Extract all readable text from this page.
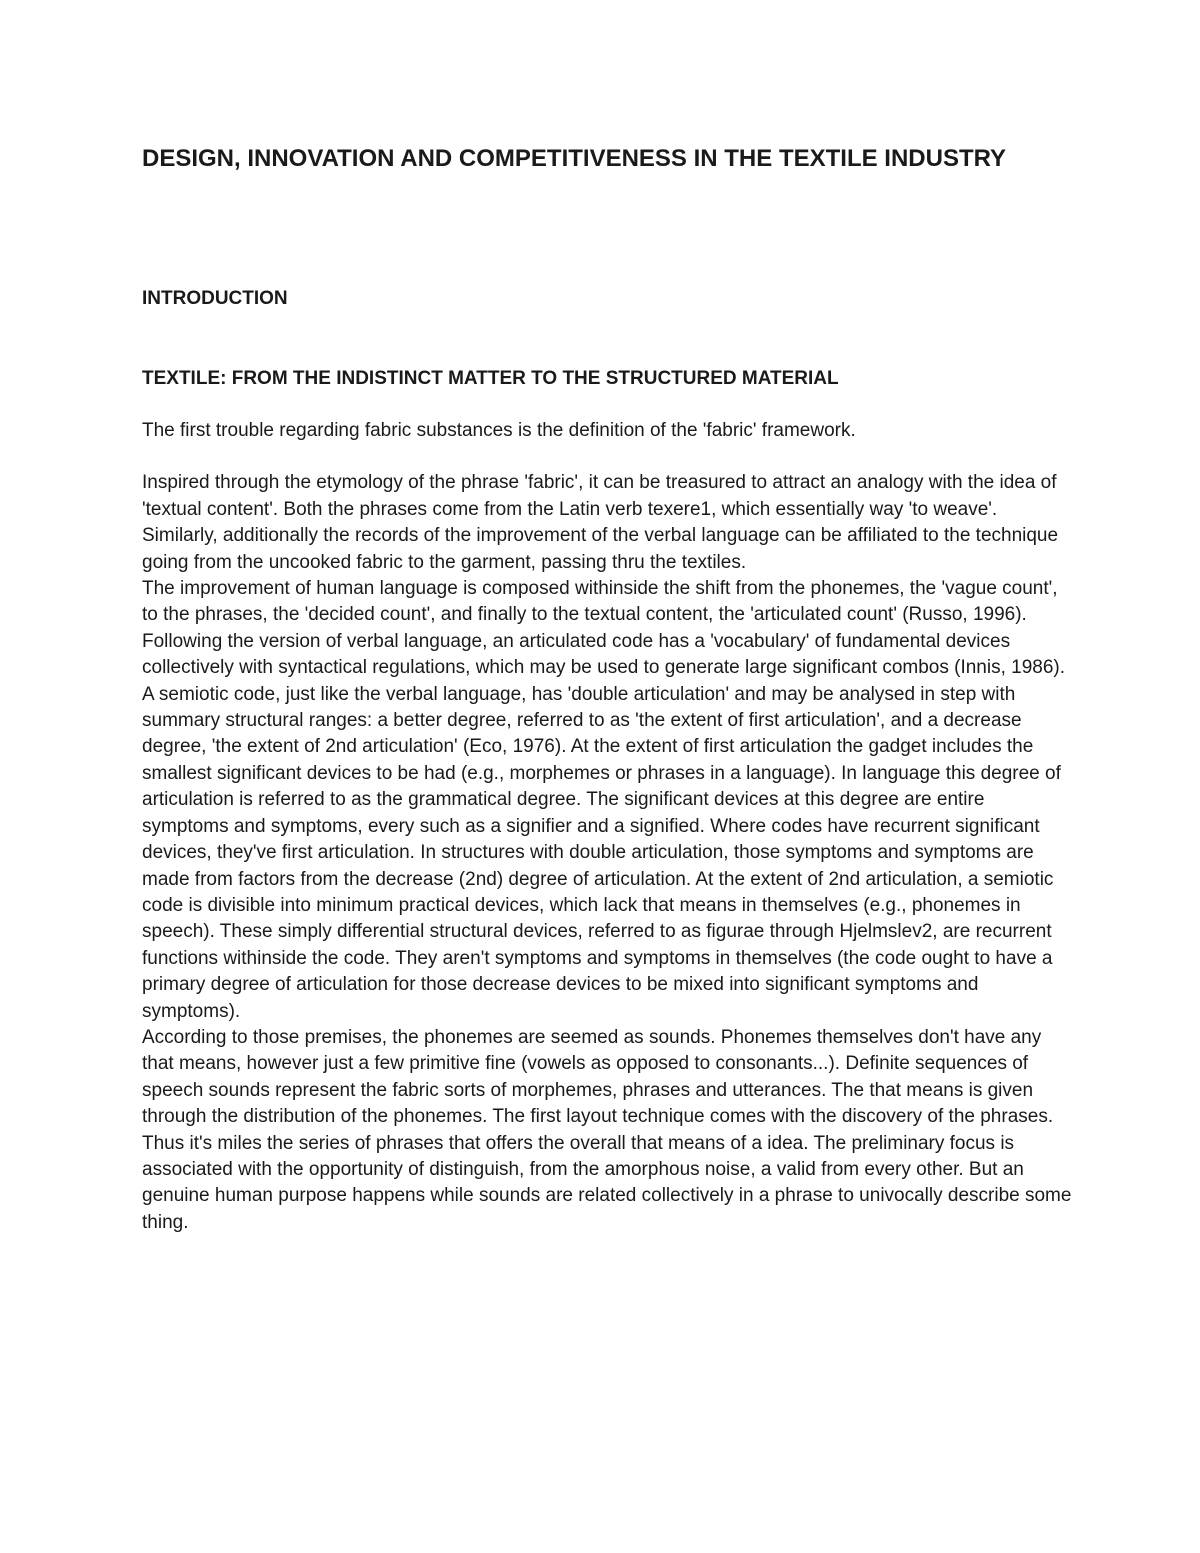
DESIGN, INNOVATION AND COMPETITIVENESS IN THE TEXTILE INDUSTRY
INTRODUCTION
TEXTILE: FROM THE INDISTINCT MATTER TO THE STRUCTURED MATERIAL

The first trouble regarding fabric substances is the definition of the 'fabric' framework.

Inspired through the etymology of the phrase 'fabric', it can be treasured to attract an analogy with the idea of 'textual content'. Both the phrases come from the Latin verb texere1, which essentially way 'to weave'. Similarly, additionally the records of the improvement of the verbal language can be affiliated to the technique going from the uncooked fabric to the garment, passing thru the textiles.

The improvement of human language is composed withinside the shift from the phonemes, the 'vague count', to the phrases, the 'decided count', and finally to the textual content, the 'articulated count' (Russo, 1996).

Following the version of verbal language, an articulated code has a 'vocabulary' of fundamental devices collectively with syntactical regulations, which may be used to generate large significant combos (Innis, 1986). A semiotic code, just like the verbal language, has 'double articulation' and may be analysed in step with summary structural ranges: a better degree, referred to as 'the extent of first articulation', and a decrease degree, 'the extent of 2nd articulation' (Eco, 1976). At the extent of first articulation the gadget includes the smallest significant devices to be had (e.g., morphemes or phrases in a language). In language this degree of articulation is referred to as the grammatical degree. The significant devices at this degree are entire symptoms and symptoms, every such as a signifier and a signified. Where codes have recurrent significant devices, they've first articulation. In structures with double articulation, those symptoms and symptoms are made from factors from the decrease (2nd) degree of articulation. At the extent of 2nd articulation, a semiotic code is divisible into minimum practical devices, which lack that means in themselves (e.g., phonemes in speech). These simply differential structural devices, referred to as figurae through Hjelmslev2, are recurrent functions withinside the code. They aren't symptoms and symptoms in themselves (the code ought to have a primary degree of articulation for those decrease devices to be mixed into significant symptoms and symptoms).

According to those premises, the phonemes are seemed as sounds. Phonemes themselves don't have any that means, however just a few primitive fine (vowels as opposed to consonants...). Definite sequences of speech sounds represent the fabric sorts of morphemes, phrases and utterances. The that means is given through the distribution of the phonemes. The first layout technique comes with the discovery of the phrases. Thus it's miles the series of phrases that offers the overall that means of a idea. The preliminary focus is associated with the opportunity of distinguish, from the amorphous noise, a valid from every other. But an genuine human purpose happens while sounds are related collectively in a phrase to univocally describe some thing.
